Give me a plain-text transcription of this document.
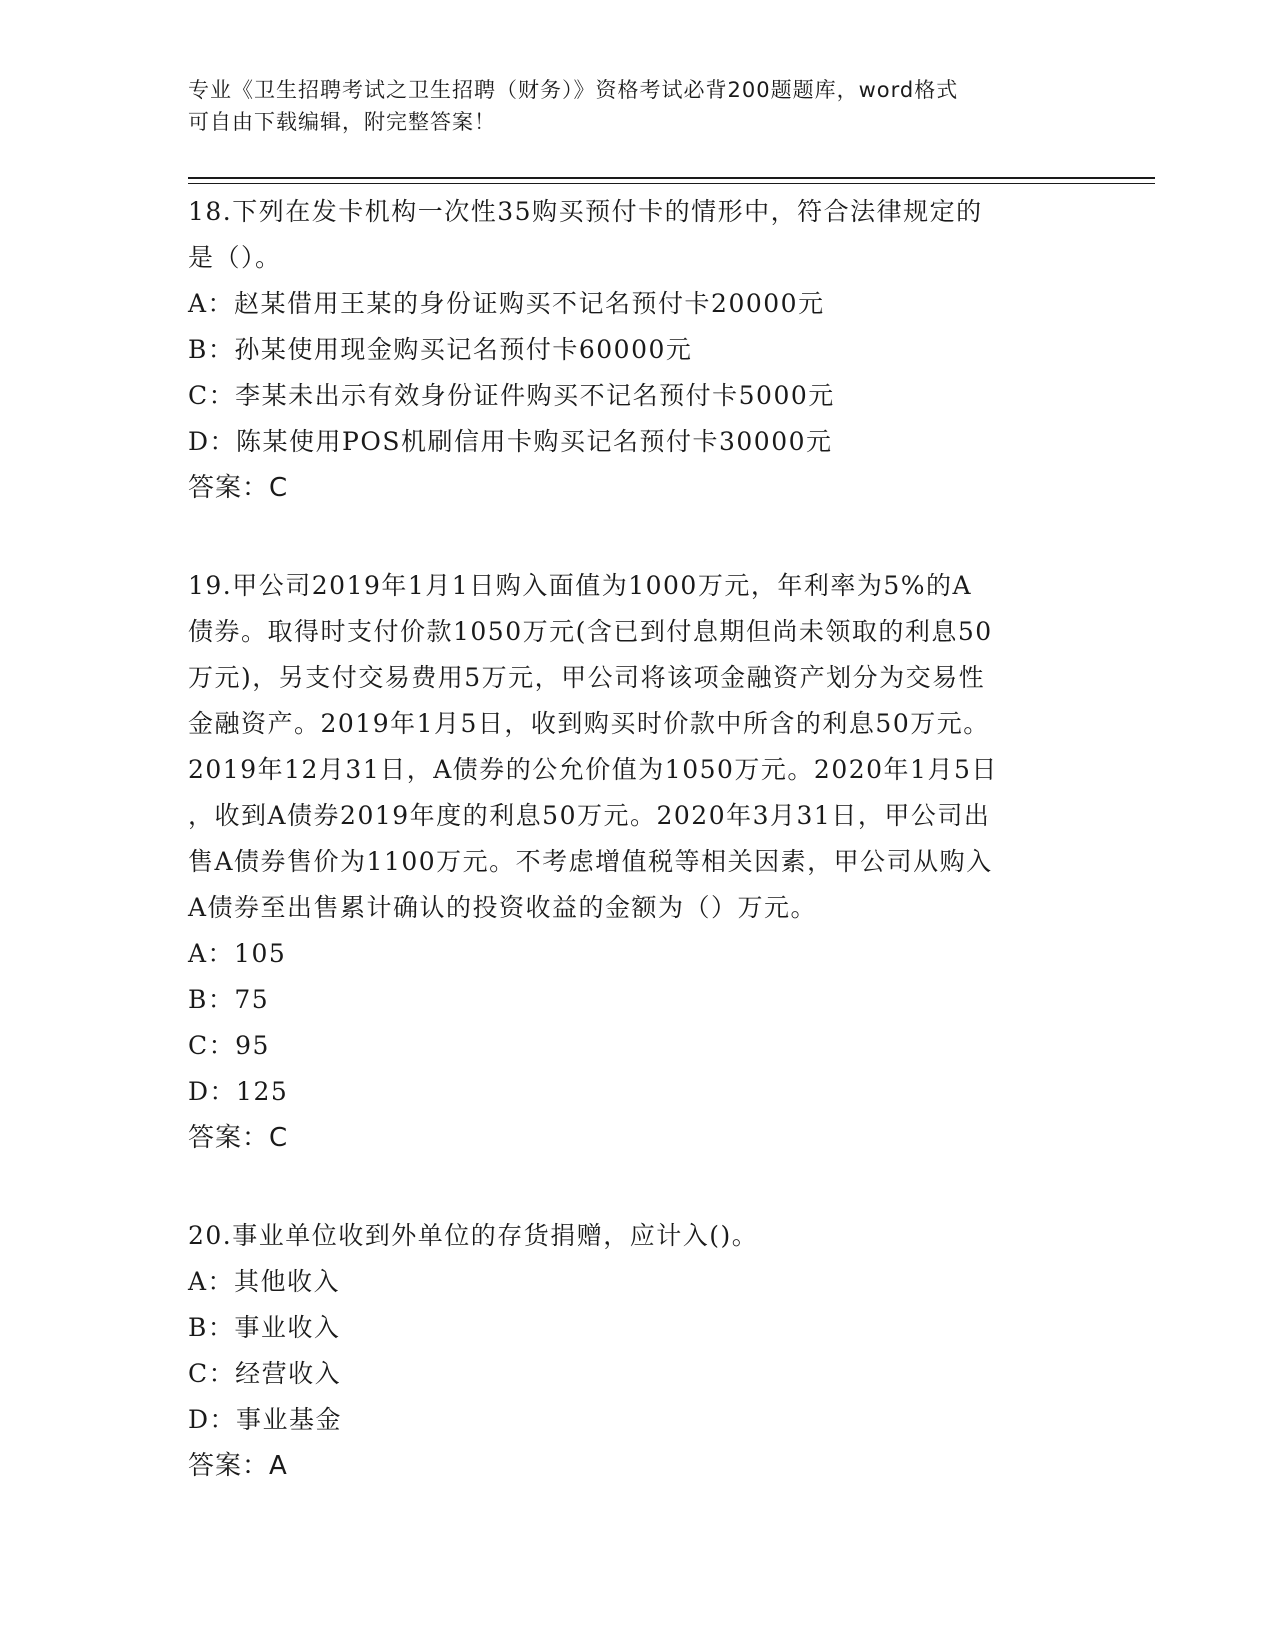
专业《卫生招聘考试之卫生招聘（财务）》资格考试必背200题题库，word格式

可自由下载编辑，附完整答案！

18.下列在发卡机构一次性35购买预付卡的情形中，符合法律规定的

是（）。

A：赵某借用王某的身份证购买不记名预付卡20000元

B：孙某使用现金购买记名预付卡60000元

C：李某未出示有效身份证件购买不记名预付卡5000元

D：陈某使用POS机刷信用卡购买记名预付卡30000元

答案：C

19.甲公司2019年1月1日购入面值为1000万元，年利率为5%的A

债券。取得时支付价款1050万元(含已到付息期但尚未领取的利息50

万元)，另支付交易费用5万元，甲公司将该项金融资产划分为交易性

金融资产。2019年1月5日，收到购买时价款中所含的利息50万元。

2019年12月31日，A债券的公允价值为1050万元。2020年1月5日

，收到A债券2019年度的利息50万元。2020年3月31日，甲公司出

售A债券售价为1100万元。不考虑增值税等相关因素，甲公司从购入

A债券至出售累计确认的投资收益的金额为（）万元。

A：105

B：75

C：95

D：125

答案：C

20.事业单位收到外单位的存货捐赠，应计入()。

A：其他收入

B：事业收入

C：经营收入

D：事业基金

答案：A
